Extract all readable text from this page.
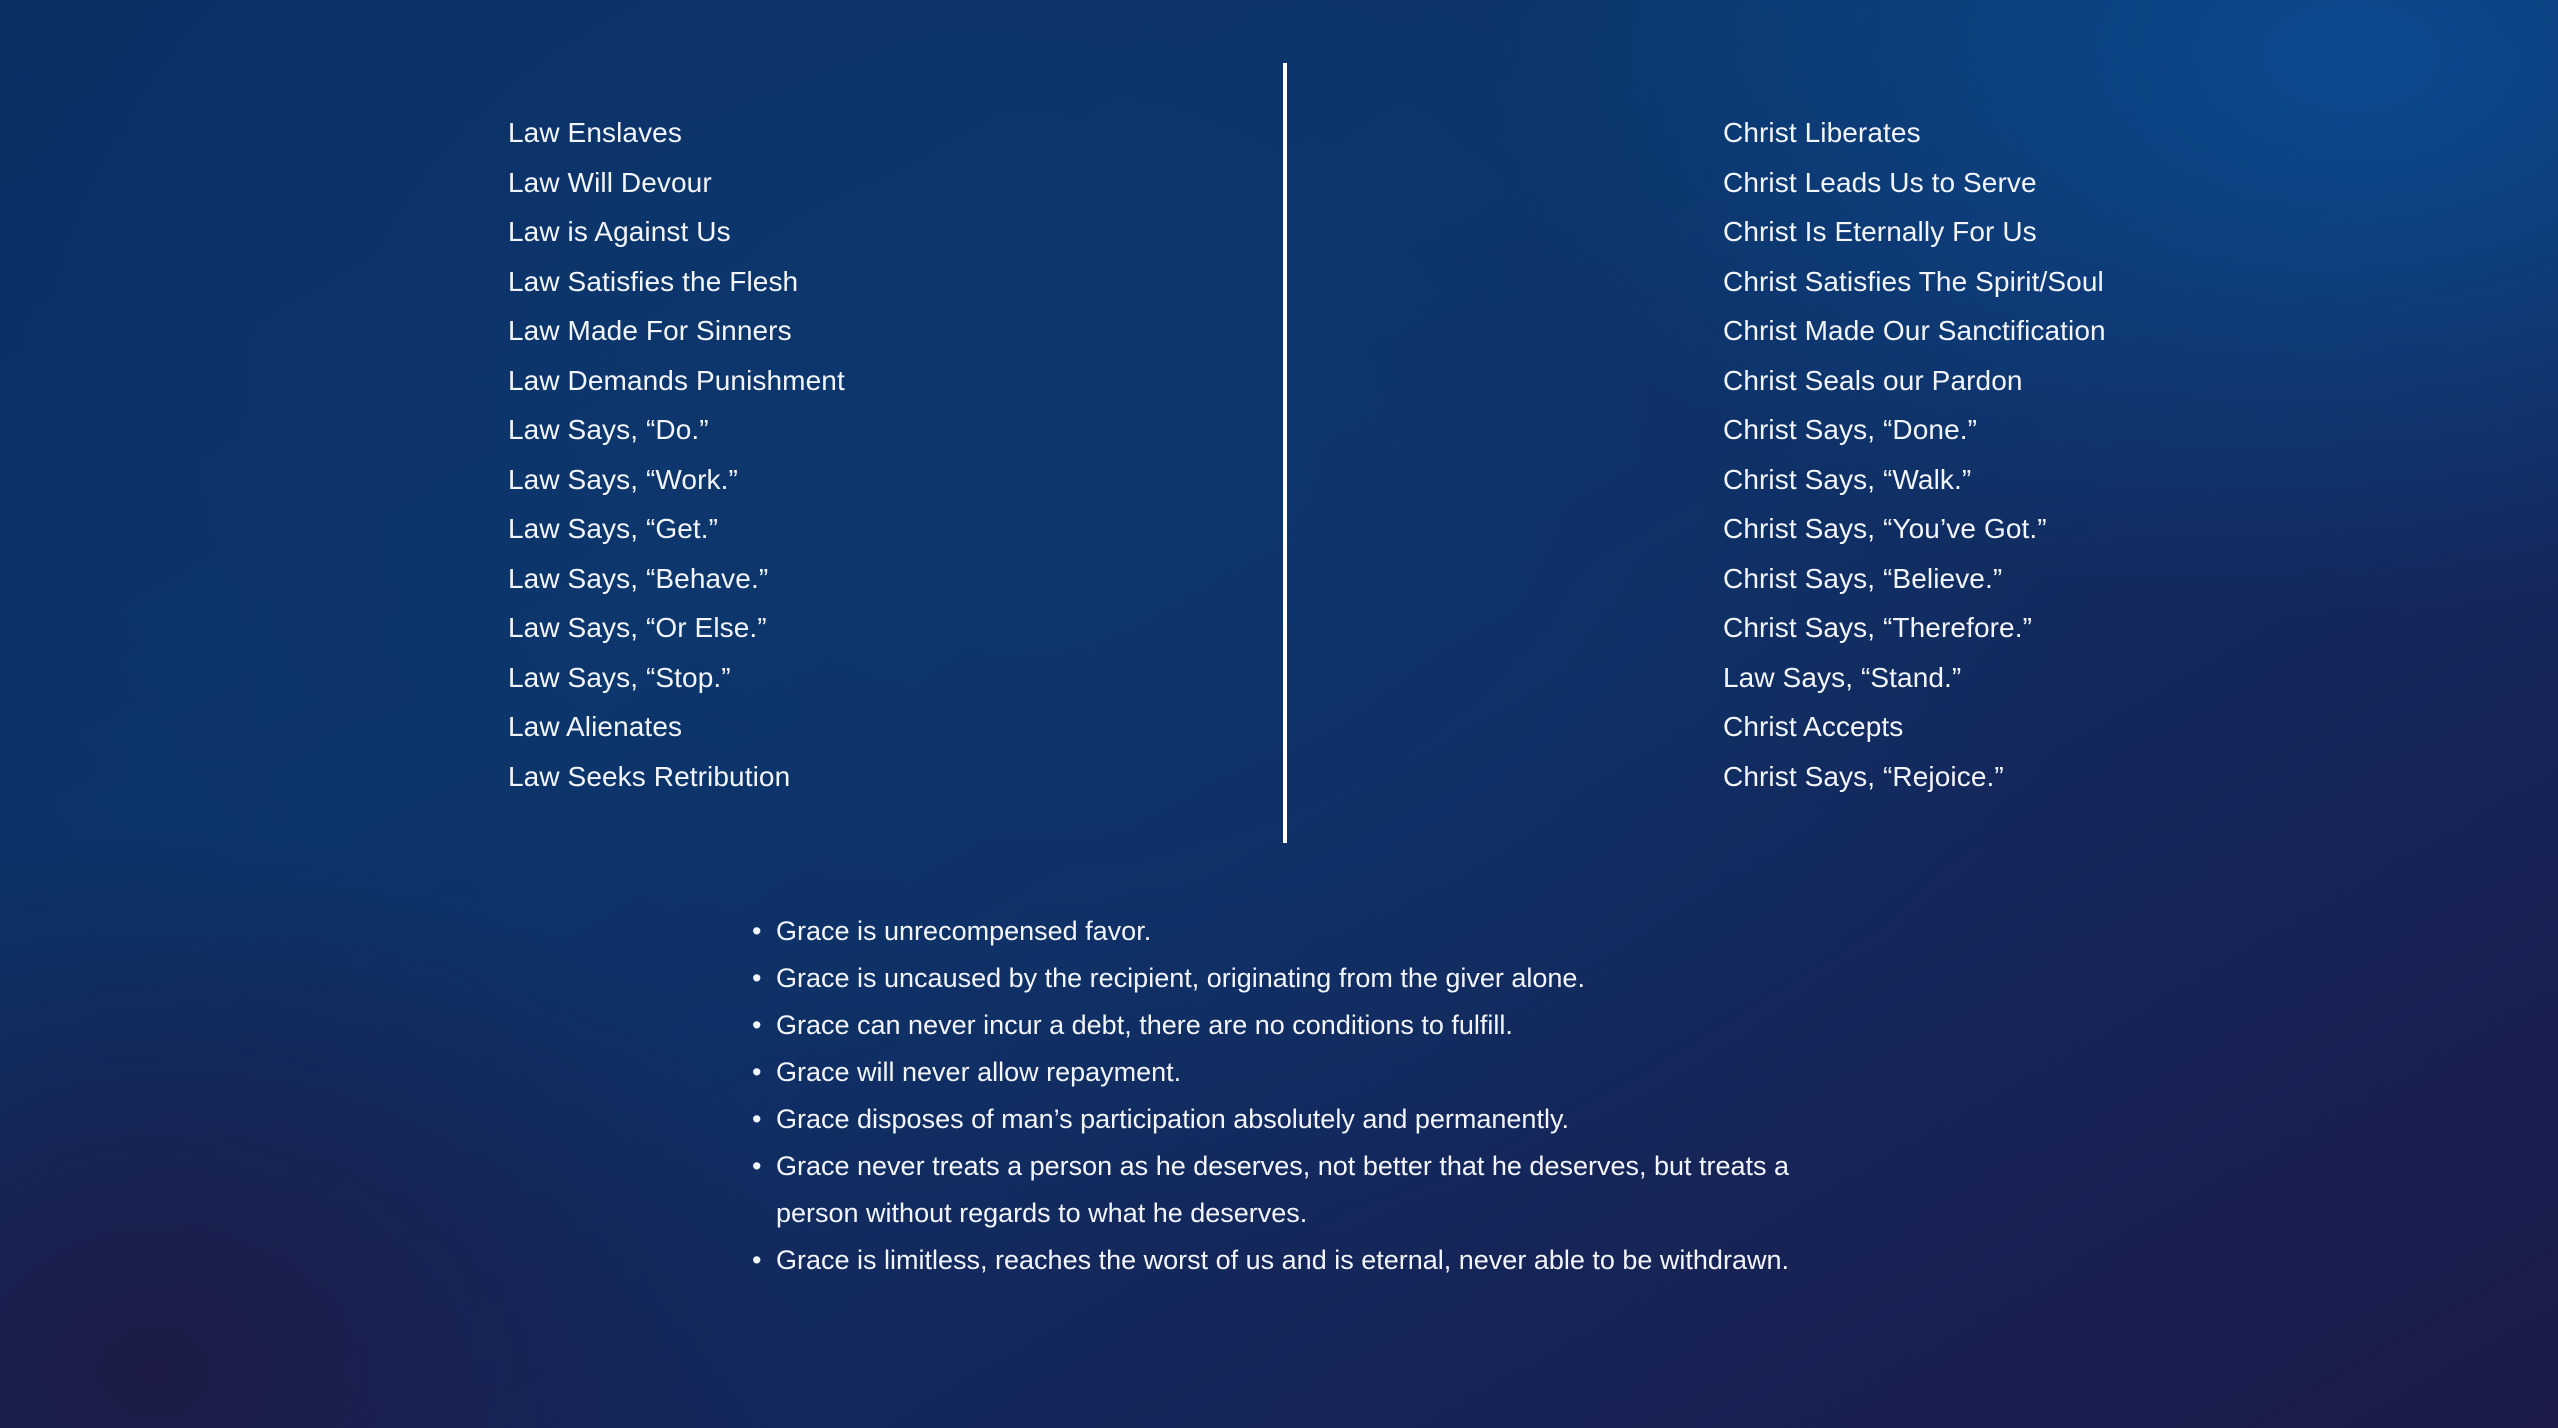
Law Enslaves
Law Will Devour
Law is Against Us
Law Satisfies the Flesh
Law Made For Sinners
Law Demands Punishment
Law Says, “Do.”
Law Says, “Work.”
Law Says, “Get.”
Law Says, “Behave.”
Law Says, “Or Else.”
Law Says, “Stop.”
Law Alienates
Law Seeks Retribution
Christ Liberates
Christ Leads Us to Serve
Christ Is Eternally For Us
Christ Satisfies The Spirit/Soul
Christ Made Our Sanctification
Christ Seals our Pardon
Christ Says, “Done.”
Christ Says, “Walk.”
Christ Says, “You’ve Got.”
Christ Says, “Believe.”
Christ Says, “Therefore.”
Law Says, “Stand.”
Christ Accepts
Christ Says, “Rejoice.”
• Grace is unrecompensed favor.
• Grace is uncaused by the recipient, originating from the giver alone.
• Grace can never incur a debt, there are no conditions to fulfill.
• Grace will never allow repayment.
• Grace disposes of man’s participation absolutely and permanently.
• Grace never treats a person as he deserves, not better that he deserves, but treats a person without regards to what he deserves.
• Grace is limitless, reaches the worst of us and is eternal, never able to be withdrawn.
